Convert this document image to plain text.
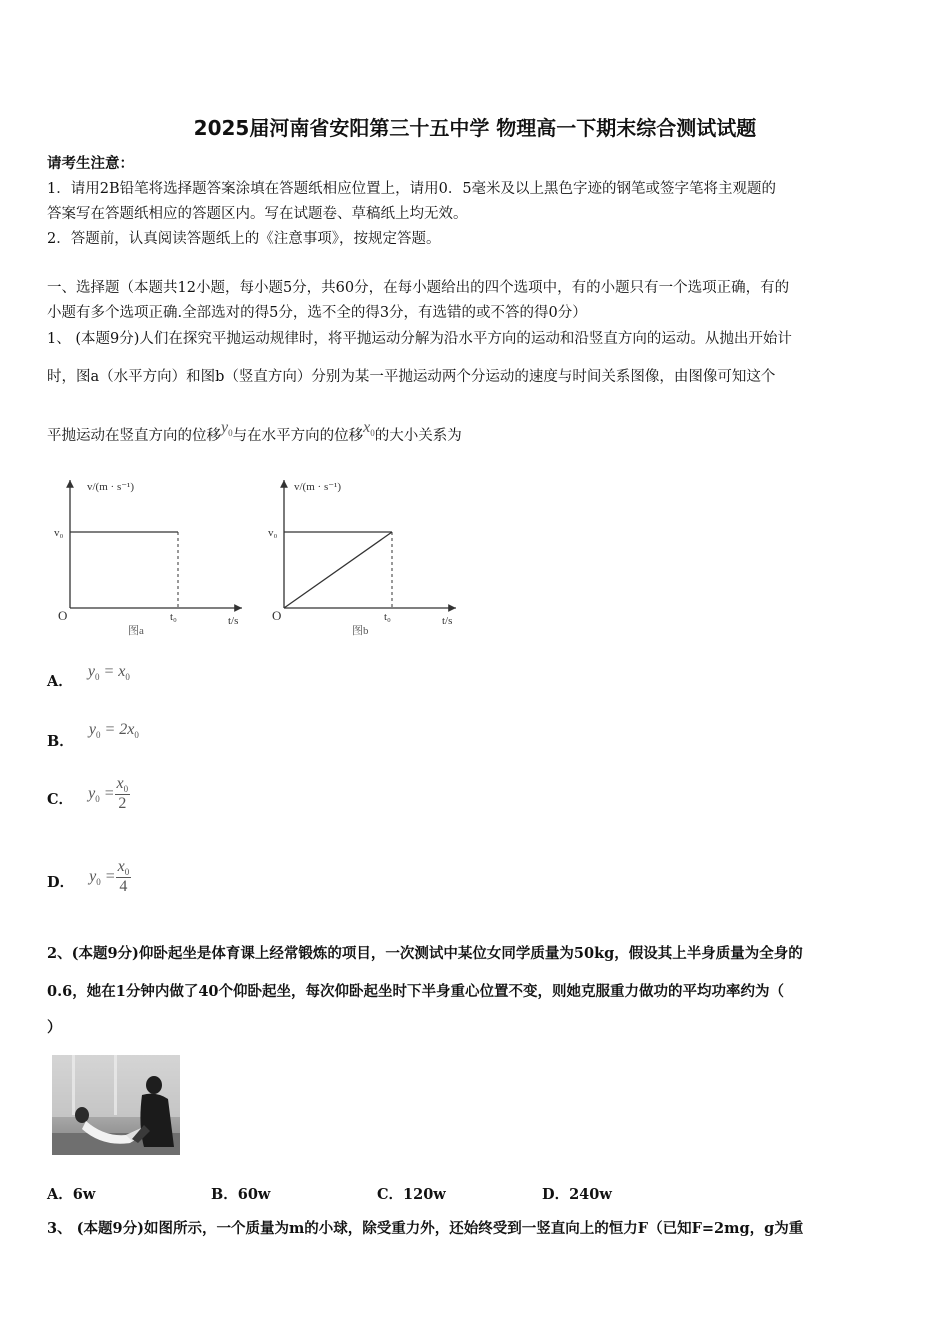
2025届河南省安阳第三十五中学 物理高一下期末综合测试试题
请考生注意：
1．请用2B铅笔将选择题答案涂填在答题纸相应位置上，请用0．5毫米及以上黑色字迹的钢笔或签字笔将主观题的
答案写在答题纸相应的答题区内。写在试题卷、草稿纸上均无效。
2．答题前，认真阅读答题纸上的《注意事项》，按规定答题。
一、选择题（本题共12小题，每小题5分，共60分，在每小题给出的四个选项中，有的小题只有一个选项正确，有的
小题有多个选项正确.全部选对的得5分，选不全的得3分，有选错的或不答的得0分）
1、 (本题9分)人们在探究平抛运动规律时，将平抛运动分解为沿水平方向的运动和沿竖直方向的运动。从抛出开始计
时，图a（水平方向）和图b（竖直方向）分别为某一平抛运动两个分运动的速度与时间关系图像，由图像可知这个
平抛运动在竖直方向的位移$y_0$与在水平方向的位移$x_0$的大小关系为
v/(m · s⁻¹)
v₀
t₀
O	t/s
图a
v/(m · s⁻¹)
v₀
t₀
O	t/s
图b
A． $y_0 = x_0$
B． $y_0 = 2x_0$
C． $y_0 = \frac{x_0}{2}$
D． $y_0 = \frac{x_0}{4}$
2、(本题9分)仰卧起坐是体育课上经常锻炼的项目，一次测试中某位女同学质量为50kg，假设其上半身质量为全身的
0.6，她在1分钟内做了40个仰卧起坐，每次仰卧起坐时下半身重心位置不变，则她克服重力做功的平均功率约为（
）
A．6w	B．60w	C．120w	D．240w
3、 (本题9分)如图所示，一个质量为m的小球，除受重力外，还始终受到一竖直向上的恒力F（已知F=2mg，g为重
